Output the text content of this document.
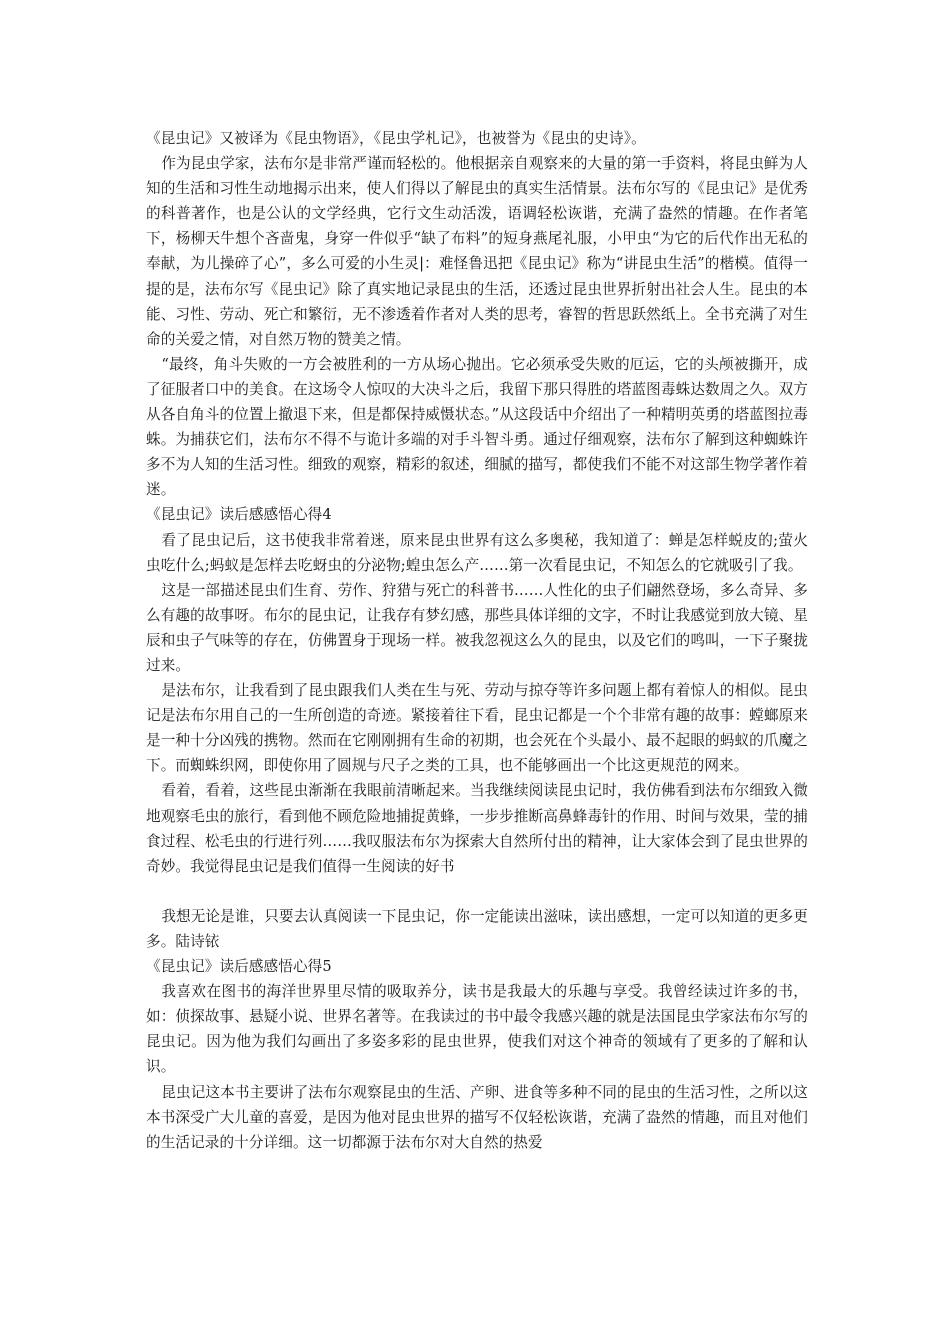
《昆虫记》又被译为《昆虫物语》，《昆虫学札记》，也被誉为《昆虫的史诗》。

作为昆虫学家，法布尔是非常严谨而轻松的。他根据亲自观察来的大量的第一手资料，将昆虫鲜为人知的生活和习性生动地揭示出来，使人们得以了解昆虫的真实生活情景。法布尔写的《昆虫记》是优秀的科普著作，也是公认的文学经典，它行文生动活泼，语调轻松诙谐，充满了盎然的情趣。在作者笔下，杨柳天牛想个吝啬鬼，身穿一件似乎“缺了布料”的短身燕尾礼服，小甲虫“为它的后代作出无私的奉献，为儿操碎了心”，多么可爱的小生灵|：难怪鲁迅把《昆虫记》称为“讲昆虫生活”的楷模。值得一提的是，法布尔写《昆虫记》除了真实地记录昆虫的生活，还透过昆虫世界折射出社会人生。昆虫的本能、习性、劳动、死亡和繁衍，无不渗透着作者对人类的思考，睿智的哲思跃然纸上。全书充满了对生命的关爱之情，对自然万物的赞美之情。

“最终，角斗失败的一方会被胜利的一方从场心抛出。它必须承受失败的厄运，它的头颅被撕开，成了征服者口中的美食。在这场令人惊叹的大决斗之后，我留下那只得胜的塔蓝图毒蛛达数周之久。双方从各自角斗的位置上撤退下来，但是都保持威慑状态。”从这段话中介绍出了一种精明英勇的塔蓝图拉毒蛛。为捕获它们，法布尔不得不与诡计多端的对手斗智斗勇。通过仔细观察，法布尔了解到这种蜘蛛许多不为人知的生活习性。细致的观察，精彩的叙述，细腻的描写，都使我们不能不对这部生物学著作着迷。

《昆虫记》读后感感悟心得4

看了昆虫记后，这书使我非常着迷，原来昆虫世界有这么多奥秘，我知道了：蝉是怎样蜕皮的;萤火虫吃什么;蚂蚁是怎样去吃蚜虫的分泌物;蝗虫怎么产……第一次看昆虫记，不知怎么的它就吸引了我。

这是一部描述昆虫们生育、劳作、狩猎与死亡的科普书……人性化的虫子们翩然登场，多么奇异、多么有趣的故事呀。布尔的昆虫记，让我存有梦幻感，那些具体详细的文字，不时让我感觉到放大镜、星辰和虫子气味等的存在，仿佛置身于现场一样。被我忽视这么久的昆虫，以及它们的鸣叫，一下子聚拢过来。

是法布尔，让我看到了昆虫跟我们人类在生与死、劳动与掠夺等许多问题上都有着惊人的相似。昆虫记是法布尔用自己的一生所创造的奇迹。紧接着往下看，昆虫记都是一个个非常有趣的故事：螳螂原来是一种十分凶残的携物。然而在它刚刚拥有生命的初期，也会死在个头最小、最不起眼的蚂蚁的爪魔之下。而蜘蛛织网，即使你用了圆规与尺子之类的工具，也不能够画出一个比这更规范的网来。

看着，看着，这些昆虫渐渐在我眼前清晰起来。当我继续阅读昆虫记时，我仿佛看到法布尔细致入微地观察毛虫的旅行，看到他不顾危险地捕捉黄蜂，一步步推断高鼻蜂毒针的作用、时间与效果，莹的捕食过程、松毛虫的行进行列……我叹服法布尔为探索大自然所付出的精神，让大家体会到了昆虫世界的奇妙。我觉得昆虫记是我们值得一生阅读的好书

我想无论是谁，只要去认真阅读一下昆虫记，你一定能读出滋味，读出感想，一定可以知道的更多更多。陆诗铱

《昆虫记》读后感感悟心得5

我喜欢在图书的海洋世界里尽情的吸取养分，读书是我最大的乐趣与享受。我曾经读过许多的书，如：侦探故事、悬疑小说、世界名著等。在我读过的书中最令我感兴趣的就是法国昆虫学家法布尔写的昆虫记。因为他为我们勾画出了多姿多彩的昆虫世界，使我们对这个神奇的领域有了更多的了解和认识。

昆虫记这本书主要讲了法布尔观察昆虫的生活、产卵、进食等多种不同的昆虫的生活习性，之所以这本书深受广大儿童的喜爱，是因为他对昆虫世界的描写不仅轻松诙谐，充满了盎然的情趣，而且对他们的生活记录的十分详细。这一切都源于法布尔对大自然的热爱
